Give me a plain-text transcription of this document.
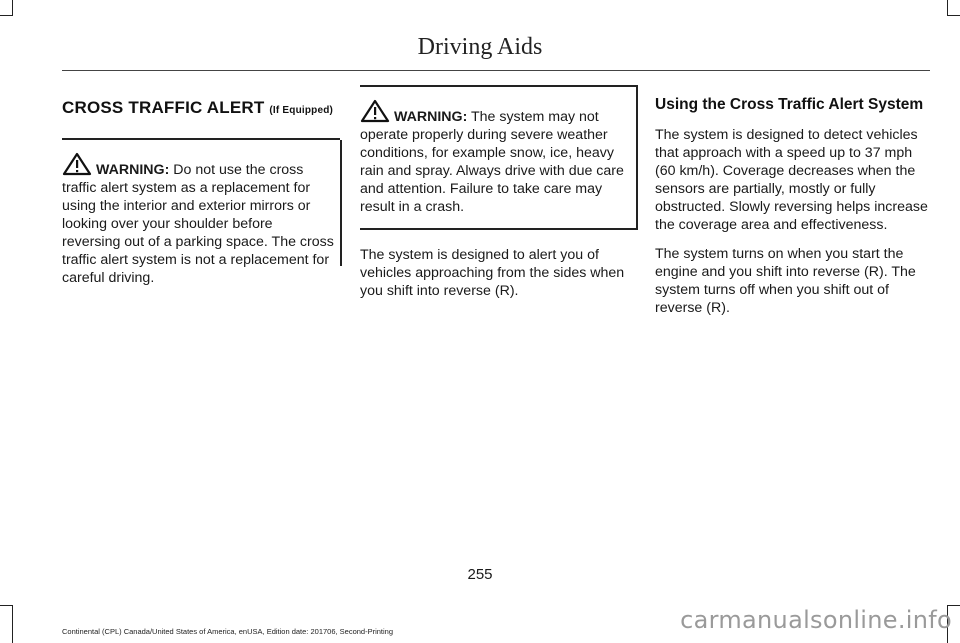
Driving Aids
CROSS TRAFFIC ALERT (If Equipped)

WARNING: Do not use the cross traffic alert system as a replacement for using the interior and exterior mirrors or looking over your shoulder before reversing out of a parking space. The cross traffic alert system is not a replacement for careful driving.

WARNING: The system may not operate properly during severe weather conditions, for example snow, ice, heavy rain and spray. Always drive with due care and attention. Failure to take care may result in a crash.

The system is designed to alert you of vehicles approaching from the sides when you shift into reverse (R).

Using the Cross Traffic Alert System

The system is designed to detect vehicles that approach with a speed up to 37 mph (60 km/h). Coverage decreases when the sensors are partially, mostly or fully obstructed. Slowly reversing helps increase the coverage area and effectiveness.

The system turns on when you start the engine and you shift into reverse (R). The system turns off when you shift out of reverse (R).

255
Continental (CPL) Canada/United States of America, enUSA, Edition date: 201706, Second-Printing	carmanualsonline.info
